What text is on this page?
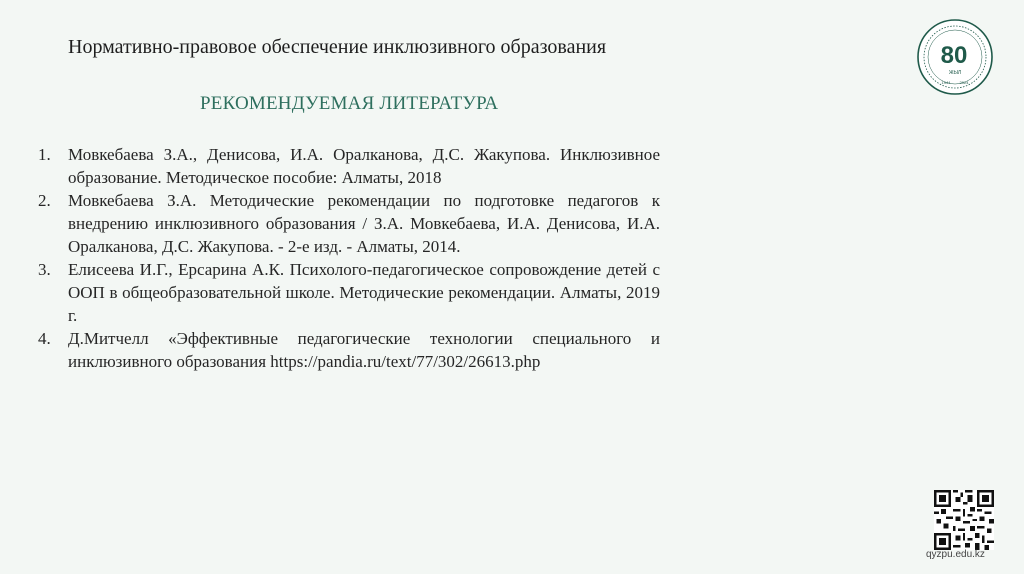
Нормативно-правовое обеспечение инклюзивного образования
РЕКОМЕНДУЕМАЯ ЛИТЕРАТУРА
1. Мовкебаева З.А., Денисова, И.А. Оралканова, Д.С. Жакупова. Инклюзивное образование. Методическое пособие: Алматы, 2018
2. Мовкебаева З.А. Методические рекомендации по подготовке педагогов к внедрению инклюзивного образования / З.А. Мовкебаева, И.А. Денисова, И.А. Оралканова, Д.С. Жакупова. - 2-е изд. - Алматы, 2014.
3. Елисеева И.Г., Ерсарина А.К. Психолого-педагогическое сопровождение детей с ООП в общеобразовательной школе. Методические рекомендации. Алматы, 2019 г.
4. Д.Митчелл «Эффективные педагогические технологии специального и инклюзивного образования https://pandia.ru/text/77/302/26613.php
80
ЖЫЛ
1944 2024
qyzpu.edu.kz
